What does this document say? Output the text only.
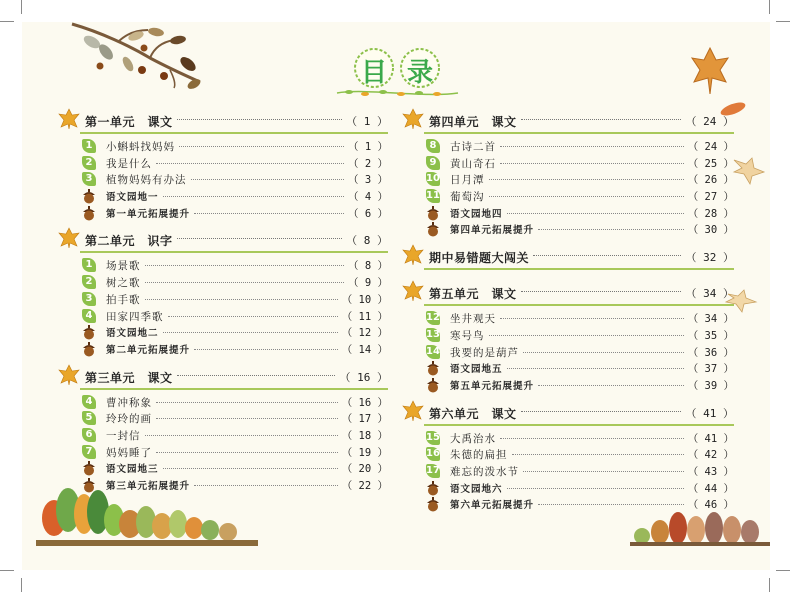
目 录
第一单元　课文	（ 1 ）
1	小蝌蚪找妈妈	（ 1 ）
2	我是什么	（ 2 ）
3	植物妈妈有办法	（ 3 ）
语文园地一	（ 4 ）
第一单元拓展提升	（ 6 ）
第二单元　识字	（ 8 ）
1	场景歌	（ 8 ）
2	树之歌	（ 9 ）
3	拍手歌	（ 10 ）
4	田家四季歌	（ 11 ）
语文园地二	（ 12 ）
第二单元拓展提升	（ 14 ）
第三单元　课文	（ 16 ）
4	曹冲称象	（ 16 ）
5	玲玲的画	（ 17 ）
6	一封信	（ 18 ）
7	妈妈睡了	（ 19 ）
语文园地三	（ 20 ）
第三单元拓展提升	（ 22 ）
第四单元　课文	（ 24 ）
8	古诗二首	（ 24 ）
9	黄山奇石	（ 25 ）
10 日月潭	（ 26 ）
11 葡萄沟	（ 27 ）
语文园地四	（ 28 ）
第四单元拓展提升	（ 30 ）
期中易错题大闯关	（ 32 ）
第五单元　课文	（ 34 ）
12 坐井观天	（ 34 ）
13 寒号鸟	（ 35 ）
14 我要的是葫芦	（ 36 ）
语文园地五	（ 37 ）
第五单元拓展提升	（ 39 ）
第六单元　课文	（ 41 ）
15 大禹治水	（ 41 ）
16 朱德的扁担	（ 42 ）
17 难忘的泼水节	（ 43 ）
语文园地六	（ 44 ）
第六单元拓展提升	（ 46 ）
